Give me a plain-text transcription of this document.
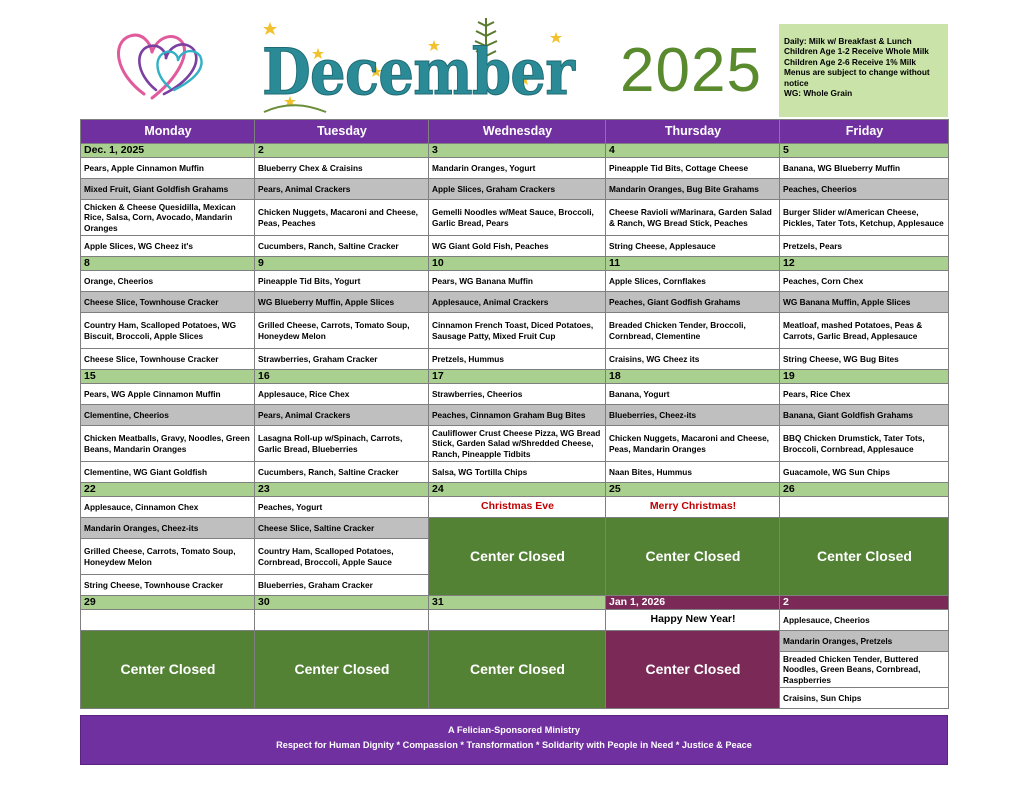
December 2025	Daily: Milk w/ Breakfast & Lunch
Children Age 1-2 Receive Whole Milk
Children Age 2-6 Receive 1% Milk
Menus are subject to change without
notice
WG: Whole Grain
Monday	Tuesday	Wednesday	Thursday	Friday
Dec. 1, 2025	2	3	4	5
Pears, Apple Cinnamon Muffin	Blueberry Chex & Craisins	Mandarin Oranges, Yogurt	Pineapple Tid Bits, Cottage Cheese	Banana, WG Blueberry Muffin
Mixed Fruit, Giant Goldfish Grahams	Pears, Animal Crackers	Apple Slices, Graham Crackers	Mandarin Oranges, Bug Bite Grahams	Peaches, Cheerios
Chicken & Cheese Quesidilla, Mexican Rice, Salsa, Corn, Avocado, Mandarin Oranges	Chicken Nuggets, Macaroni and Cheese, Peas, Peaches	Gemelli Noodles w/Meat Sauce, Broccoli, Garlic Bread, Pears	Cheese Ravioli w/Marinara, Garden Salad & Ranch, WG Bread Stick, Peaches	Burger Slider w/American Cheese, Pickles, Tater Tots, Ketchup, Applesauce
Apple Slices, WG Cheez it's	Cucumbers, Ranch, Saltine Cracker	WG Giant Gold Fish, Peaches	String Cheese, Applesauce	Pretzels, Pears
8	9	10	11	12
Orange, Cheerios	Pineapple Tid Bits, Yogurt	Pears, WG Banana Muffin	Apple Slices, Cornflakes	Peaches, Corn Chex
Cheese Slice, Townhouse Cracker	WG Blueberry Muffin, Apple Slices	Applesauce, Animal Crackers	Peaches, Giant Godfish Grahams	WG Banana Muffin, Apple Slices
Country Ham, Scalloped Potatoes, WG Biscuit, Broccoli, Apple Slices	Grilled Cheese, Carrots, Tomato Soup, Honeydew Melon	Cinnamon French Toast, Diced Potatoes, Sausage Patty, Mixed Fruit Cup	Breaded Chicken Tender, Broccoli, Cornbread, Clementine	Meatloaf, mashed Potatoes, Peas & Carrots, Garlic Bread, Applesauce
Cheese Slice, Townhouse Cracker	Strawberries, Graham Cracker	Pretzels, Hummus	Craisins, WG Cheez its	String Cheese, WG Bug Bites
15	16	17	18	19
Pears, WG Apple Cinnamon Muffin	Applesauce, Rice Chex	Strawberries, Cheerios	Banana, Yogurt	Pears, Rice Chex
Clementine, Cheerios	Pears, Animal Crackers	Peaches, Cinnamon Graham Bug Bites	Blueberries, Cheez-its	Banana, Giant Goldfish Grahams
Chicken Meatballs, Gravy, Noodles, Green Beans, Mandarin Oranges	Lasagna Roll-up w/Spinach, Carrots, Garlic Bread, Blueberries	Cauliflower Crust Cheese Pizza, WG Bread Stick, Garden Salad w/Shredded Cheese, Ranch, Pineapple Tidbits	Chicken Nuggets, Macaroni and Cheese, Peas, Mandarin Oranges	BBQ Chicken Drumstick, Tater Tots, Broccoli, Cornbread, Applesauce
Clementine, WG Giant Goldfish	Cucumbers, Ranch, Saltine Cracker	Salsa, WG Tortilla Chips	Naan Bites, Hummus	Guacamole, WG Sun Chips
22	23	24	25	26
Applesauce, Cinnamon Chex	Peaches, Yogurt	Christmas Eve	Merry Christmas!	
Mandarin Oranges, Cheez-its	Cheese Slice, Saltine Cracker	Center Closed	Center Closed	Center Closed
Grilled Cheese, Carrots, Tomato Soup, Honeydew Melon	Country Ham, Scalloped Potatoes, Cornbread, Broccoli, Apple Sauce			
String Cheese, Townhouse Cracker	Blueberries, Graham Cracker			
29	30	31	Jan 1, 2026	2
			Happy New Year!	Applesauce, Cheerios
Center Closed	Center Closed	Center Closed	Center Closed	Mandarin Oranges, Pretzels
				Breaded Chicken Tender, Buttered Noodles, Green Beans, Cornbread, Raspberries
				Craisins, Sun Chips
A Felician-Sponsored Ministry
Respect for Human Dignity * Compassion * Transformation * Solidarity with People in Need * Justice & Peace
